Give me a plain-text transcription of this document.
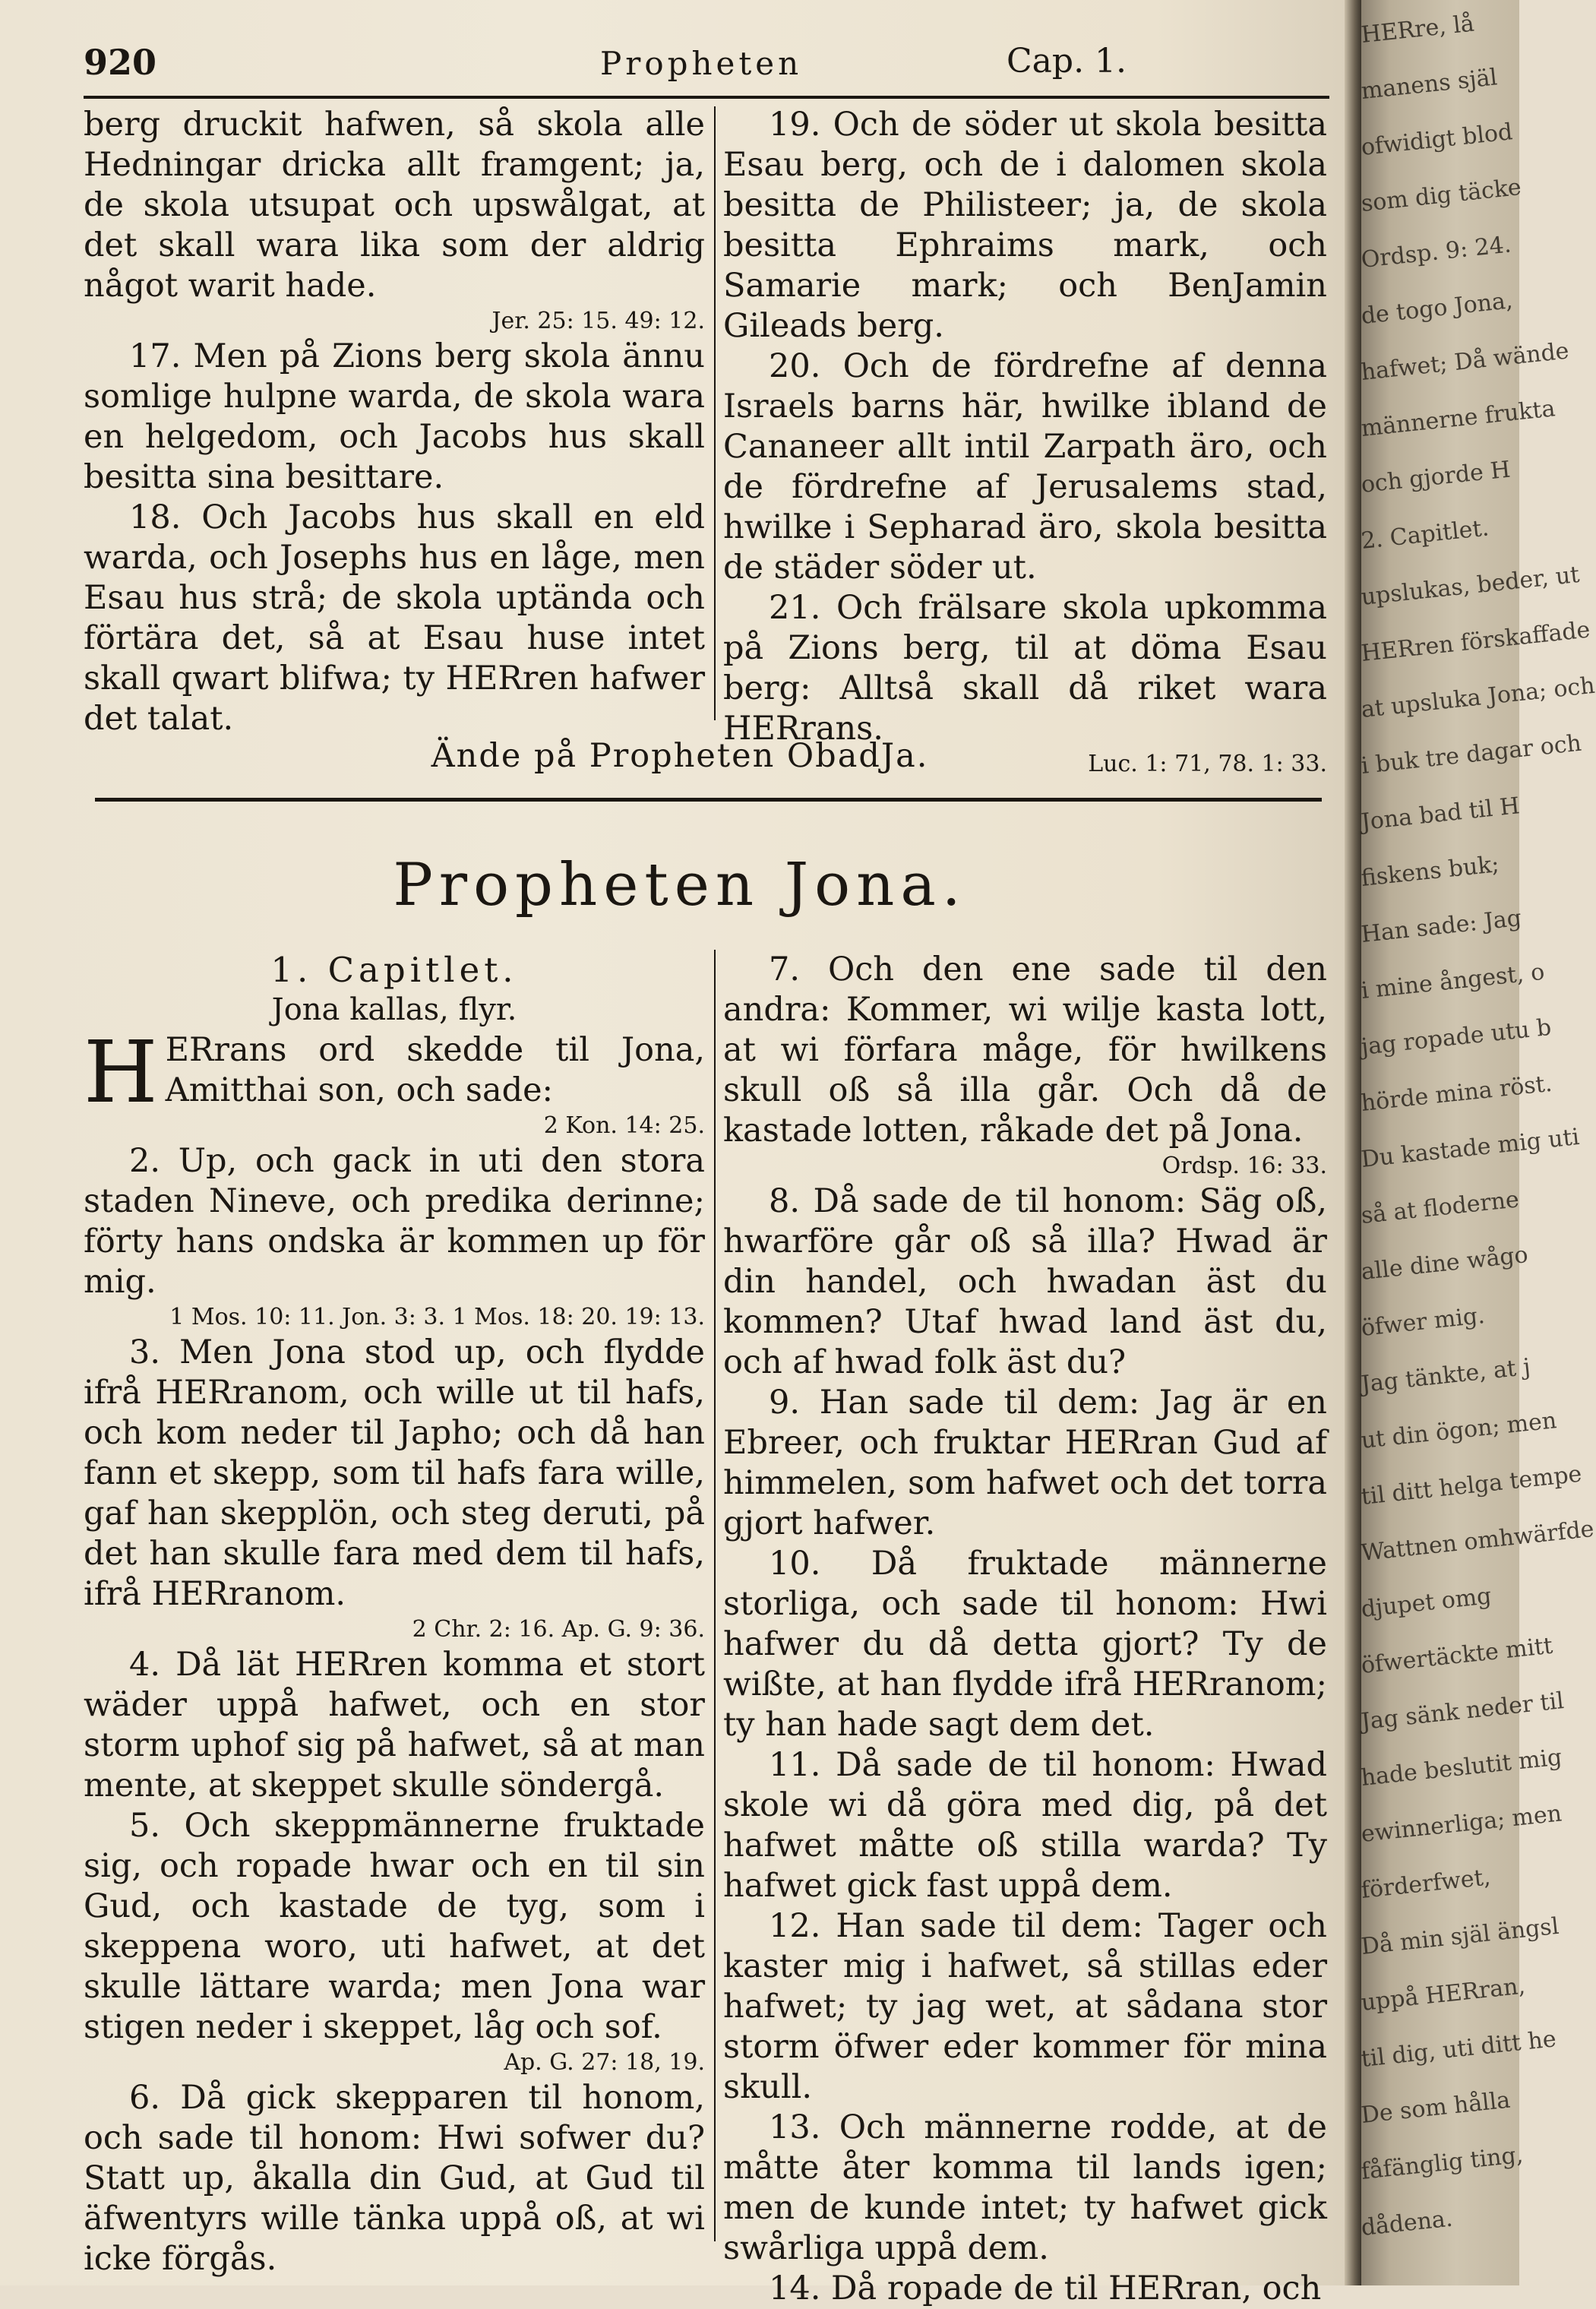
920	Propheten	Cap. 1.

berg druckit hafwen, så skola alle Hedningar dricka allt framgent; ja, de skola utsupat och upswålgat, at det skall wara lika som der aldrig något warit hade.

Jer. 25: 15. 49: 12.

17. Men på Zions berg skola ännu somlige hulpne warda, de skola wara en helgedom, och Jacobs hus skall besitta sina besittare.

18. Och Jacobs hus skall en eld warda, och Josephs hus en låge, men Esau hus strå; de skola uptända och förtära det, så at Esau huse intet skall qwart blifwa; ty HERren hafwer det talat.

19. Och de söder ut skola besitta Esau berg, och de i dalomen skola besitta de Philisteer; ja, de skola besitta Ephraims mark, och Samarie mark; och BenJamin Gileads berg.

20. Och de fördrefne af denna Israels barns här, hwilke ibland de Cananeer allt intil Zarpath äro, och de fördrefne af Jerusalems stad, hwilke i Sepharad äro, skola besitta de städer söder ut.

21. Och frälsare skola upkomma på Zions berg, til at döma Esau berg: Alltså skall då riket wara HERrans.

Luc. 1: 71, 78. 1: 33.

Ände på Propheten ObadJa.
Propheten Jona.

1. Capitlet.

Jona kallas, flyr.

H ERrans ord skedde til Jona, Amitthai son, och sade:

2 Kon. 14: 25.

2. Up, och gack in uti den stora staden Nineve, och predika derinne; förty hans ondska är kommen up för mig.

1 Mos. 10: 11. Jon. 3: 3. 1 Mos. 18: 20. 19: 13.

3. Men Jona stod up, och flydde ifrå HERranom, och wille ut til hafs, och kom neder til Japho; och då han fann et skepp, som til hafs fara wille, gaf han skepplön, och steg deruti, på det han skulle fara med dem til hafs, ifrå HERranom.

2 Chr. 2: 16. Ap. G. 9: 36.

4. Då lät HERren komma et stort wäder uppå hafwet, och en stor storm uphof sig på hafwet, så at man mente, at skeppet skulle söndergå.

5. Och skeppmännerne fruktade sig, och ropade hwar och en til sin Gud, och kastade de tyg, som i skeppena woro, uti hafwet, at det skulle lättare warda; men Jona war stigen neder i skeppet, låg och sof.

Ap. G. 27: 18, 19.

6. Då gick skepparen til honom, och sade til honom: Hwi sofwer du? Statt up, åkalla din Gud, at Gud til äfwentyrs wille tänka uppå oß, at wi icke förgås.

7. Och den ene sade til den andra: Kommer, wi wilje kasta lott, at wi förfara måge, för hwilkens skull oß så illa går. Och då de kastade lotten, råkade det på Jona.

Ordsp. 16: 33.

8. Då sade de til honom: Säg oß, hwarföre går oß så illa? Hwad är din handel, och hwadan äst du kommen? Utaf hwad land äst du, och af hwad folk äst du?

9. Han sade til dem: Jag är en Ebreer, och fruktar HERran Gud af himmelen, som hafwet och det torra gjort hafwer.

10. Då fruktade männerne storliga, och sade til honom: Hwi hafwer du då detta gjort? Ty de wißte, at han flydde ifrå HERranom; ty han hade sagt dem det.

11. Då sade de til honom: Hwad skole wi då göra med dig, på det hafwet måtte oß stilla warda? Ty hafwet gick fast uppå dem.

12. Han sade til dem: Tager och kaster mig i hafwet, så stillas eder hafwet; ty jag wet, at sådana stor storm öfwer eder kommer för mina skull.

13. Och männerne rodde, at de måtte åter komma til lands igen; men de kunde intet; ty hafwet gick swårliga uppå dem.

14. Då ropade de til HERran, och

HERre, lå
manens själ
ofwidigt blod
som dig täcke
Ordsp. 9: 24.
de togo Jona,
hafwet; Då wände
männerne frukta
och gjorde H
2. Capitlet.
upslukas, beder, ut
HERren förskaffade
at upsluka Jona; och
i buk tre dagar och
Jona bad til H
fiskens buk;
Han sade: Jag
i mine ångest, o
jag ropade utu b
hörde mina röst.
Du kastade mig uti
så at floderne
alle dine wågo
öfwer mig.
Jag tänkte, at j
ut din ögon; men
til ditt helga tempe
Wattnen omhwärfde
djupet omg
öfwertäckte mitt
Jag sänk neder til
hade beslutit mig
ewinnerliga; men
förderfwet,
Då min själ ängsl
uppå HERran,
til dig, uti ditt he
De som hålla
fåfänglig ting,
dådena.
